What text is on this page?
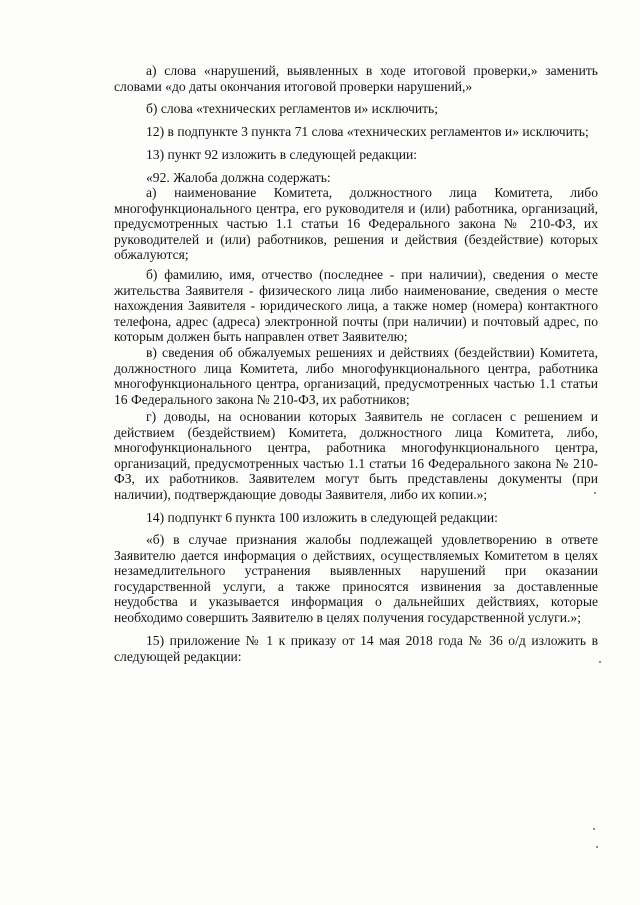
а) слова «нарушений, выявленных в ходе итоговой проверки,» заменить словами «до даты окончания итоговой проверки нарушений,»

б) слова «технических регламентов и» исключить;

12) в подпункте 3 пункта 71 слова «технических регламентов и» исключить;

13) пункт 92 изложить в следующей редакции:

«92. Жалоба должна содержать:

а) наименование Комитета, должностного лица Комитета, либо многофункционального центра, его руководителя и (или) работника, организаций, предусмотренных частью 1.1 статьи 16 Федерального закона № 210-ФЗ, их руководителей и (или) работников, решения и действия (бездействие) которых обжалуются;

б) фамилию, имя, отчество (последнее - при наличии), сведения о месте жительства Заявителя - физического лица либо наименование, сведения о месте нахождения Заявителя - юридического лица, а также номер (номера) контактного телефона, адрес (адреса) электронной почты (при наличии) и почтовый адрес, по которым должен быть направлен ответ Заявителю;

в) сведения об обжалуемых решениях и действиях (бездействии) Комитета, должностного лица Комитета, либо многофункционального центра, работника многофункционального центра, организаций, предусмотренных частью 1.1 статьи 16 Федерального закона № 210-ФЗ, их работников;

г) доводы, на основании которых Заявитель не согласен с решением и действием (бездействием) Комитета, должностного лица Комитета, либо, многофункционального центра, работника многофункционального центра, организаций, предусмотренных частью 1.1 статьи 16 Федерального закона № 210-ФЗ, их работников. Заявителем могут быть представлены документы (при наличии), подтверждающие доводы Заявителя, либо их копии.»;

14) подпункт 6 пункта 100 изложить в следующей редакции:

«б) в случае признания жалобы подлежащей удовлетворению в ответе Заявителю дается информация о действиях, осуществляемых Комитетом в целях незамедлительного устранения выявленных нарушений при оказании государственной услуги, а также приносятся извинения за доставленные неудобства и указывается информация о дальнейших действиях, которые необходимо совершить Заявителю в целях получения государственной услуги.»;

15) приложение № 1 к приказу от 14 мая 2018 года № 36 о/д изложить в следующей редакции:
